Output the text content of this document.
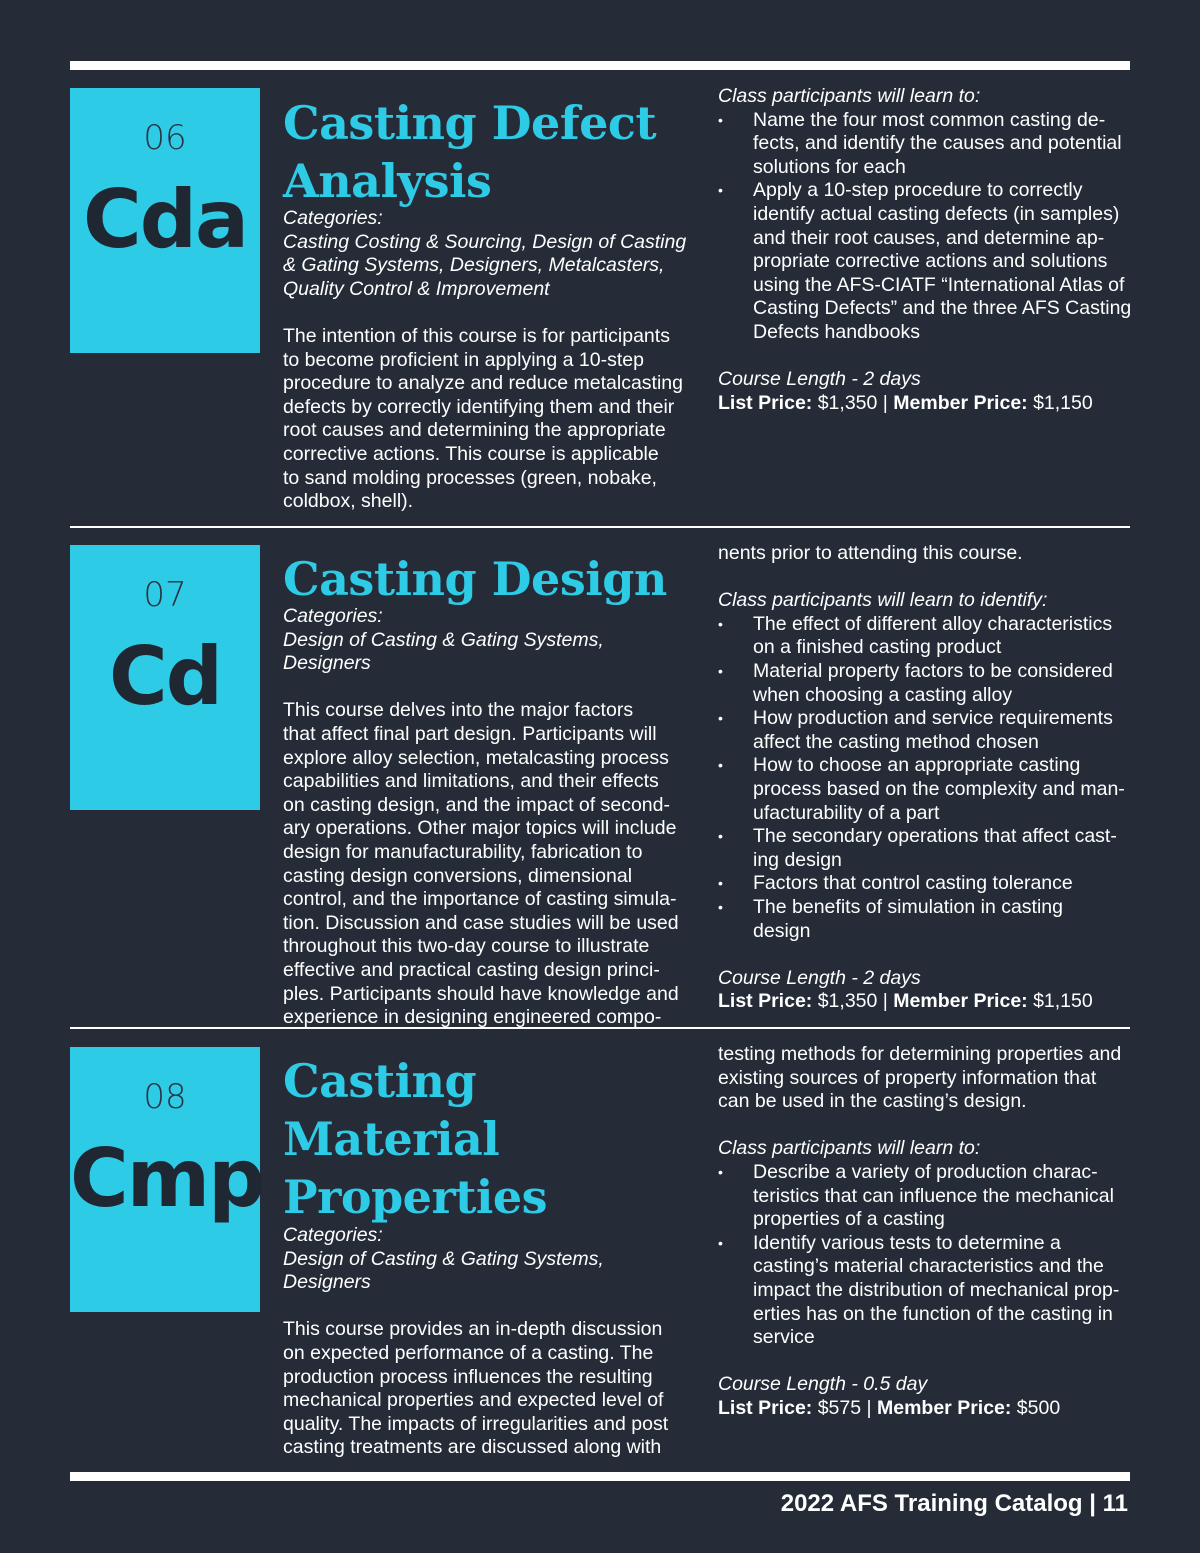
06
Cda
Casting Defect
Analysis
Categories:
Casting Costing & Sourcing, Design of Casting
& Gating Systems, Designers, Metalcasters,
Quality Control & Improvement
The intention of this course is for participants
to become proficient in applying a 10-step
procedure to analyze and reduce metalcasting
defects by correctly identifying them and their
root causes and determining the appropriate
corrective actions. This course is applicable
to sand molding processes (green, nobake,
coldbox, shell).
Class participants will learn to:
• Name the four most common casting de-
fects, and identify the causes and potential
solutions for each
• Apply a 10-step procedure to correctly
identify actual casting defects (in samples)
and their root causes, and determine ap-
propriate corrective actions and solutions
using the AFS-CIATF “International Atlas of
Casting Defects” and the three AFS Casting
Defects handbooks
Course Length - 2 days
List Price: $1,350 | Member Price: $1,150
07
Cd
Casting Design
Categories:
Design of Casting & Gating Systems, Designers
This course delves into the major factors
that affect final part design. Participants will
explore alloy selection, metalcasting process
capabilities and limitations, and their effects
on casting design, and the impact of second-
ary operations. Other major topics will include
design for manufacturability, fabrication to
casting design conversions, dimensional
control, and the importance of casting simula-
tion. Discussion and case studies will be used
throughout this two-day course to illustrate
effective and practical casting design princi-
ples. Participants should have knowledge and
experience in designing engineered compo-
nents prior to attending this course.
Class participants will learn to identify:
• The effect of different alloy characteristics
on a finished casting product
• Material property factors to be considered
when choosing a casting alloy
• How production and service requirements
affect the casting method chosen
• How to choose an appropriate casting
process based on the complexity and man-
ufacturability of a part
• The secondary operations that affect cast-
ing design
• Factors that control casting tolerance
• The benefits of simulation in casting
design
Course Length - 2 days
List Price: $1,350 | Member Price: $1,150
08
Cmp
Casting
Material
Properties
Categories:
Design of Casting & Gating Systems, Designers
This course provides an in-depth discussion
on expected performance of a casting. The
production process influences the resulting
mechanical properties and expected level of
quality. The impacts of irregularities and post
casting treatments are discussed along with
testing methods for determining properties and
existing sources of property information that
can be used in the casting’s design.
Class participants will learn to:
• Describe a variety of production charac-
teristics that can influence the mechanical
properties of a casting
• Identify various tests to determine a
casting’s material characteristics and the
impact the distribution of mechanical prop-
erties has on the function of the casting in
service
Course Length - 0.5 day
List Price: $575 | Member Price: $500
2022 AFS Training Catalog | 11
